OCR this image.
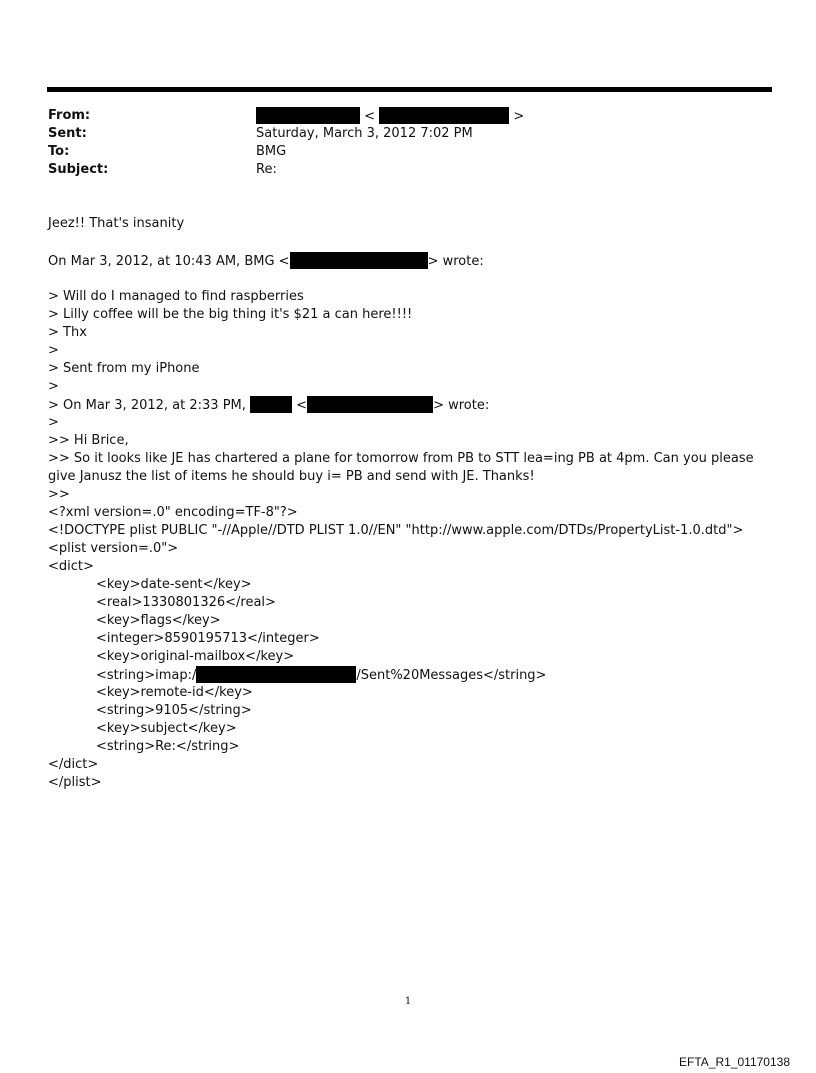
From:	<	>
Sent:	Saturday, March 3, 2012 7:02 PM
To:	BMG
Subject:	Re:
Jeez!! That's insanity
On Mar 3, 2012, at 10:43 AM, BMG <	> wrote:
> Will do I managed to find raspberries
> Lilly coffee will be the big thing it's $21 a can here!!!!
> Thx
>
> Sent from my iPhone
>
> On Mar 3, 2012, at 2:33 PM,	<	> wrote:
>
>> Hi Brice,
>> So it looks like JE has chartered a plane for tomorrow from PB to STT lea=ing PB at 4pm. Can you please give Janusz the list of items he should buy i= PB and send with JE. Thanks!
>>
<?xml version=.0" encoding=TF-8"?>
<!DOCTYPE plist PUBLIC "-//Apple//DTD PLIST 1.0//EN" "http://www.apple.com/DTDs/PropertyList-1.0.dtd">
<plist version=.0">
<dict>
<key>date-sent</key>
<real>1330801326</real>
<key>flags</key>
<integer>8590195713</integer>
<key>original-mailbox</key>
<string>imap:/	/Sent%20Messages</string>
<key>remote-id</key>
<string>9105</string>
<key>subject</key>
<string>Re:</string>
</dict>
</plist>
1
EFTA_R1_01170138
